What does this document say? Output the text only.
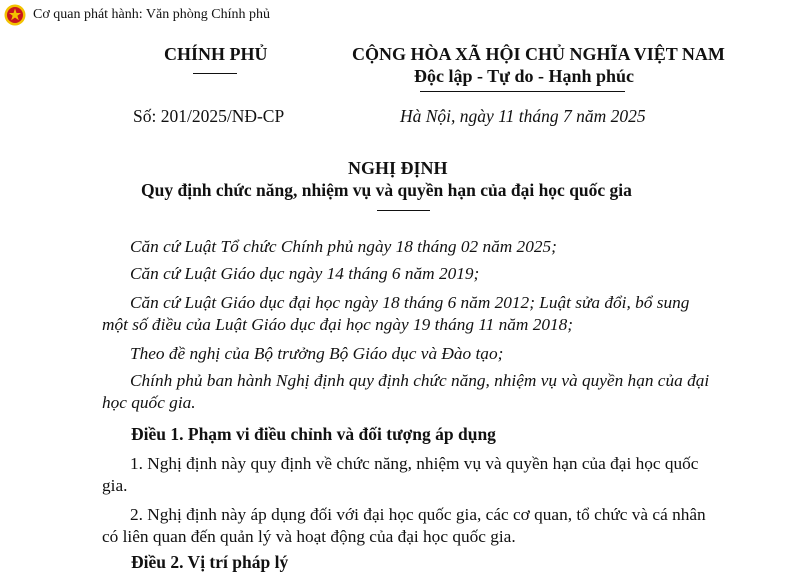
Cơ quan phát hành: Văn phòng Chính phủ
CHÍNH PHỦ
Số: 201/2025/NĐ-CP
CỘNG HÒA XÃ HỘI CHỦ NGHĨA VIỆT NAM
Độc lập - Tự do - Hạnh phúc
Hà Nội, ngày 11 tháng 7 năm 2025
NGHỊ ĐỊNH
Quy định chức năng, nhiệm vụ và quyền hạn của đại học quốc gia
Căn cứ Luật Tổ chức Chính phủ ngày 18 tháng 02 năm 2025;
Căn cứ Luật Giáo dục ngày 14 tháng 6 năm 2019;
Căn cứ Luật Giáo dục đại học ngày 18 tháng 6 năm 2012; Luật sửa đổi, bổ sung một số điều của Luật Giáo dục đại học ngày 19 tháng 11 năm 2018;
Theo đề nghị của Bộ trưởng Bộ Giáo dục và Đào tạo;
Chính phủ ban hành Nghị định quy định chức năng, nhiệm vụ và quyền hạn của đại học quốc gia.
Điều 1. Phạm vi điều chỉnh và đối tượng áp dụng
1. Nghị định này quy định về chức năng, nhiệm vụ và quyền hạn của đại học quốc gia.
2. Nghị định này áp dụng đối với đại học quốc gia, các cơ quan, tổ chức và cá nhân có liên quan đến quản lý và hoạt động của đại học quốc gia.
Điều 2. Vị trí pháp lý
